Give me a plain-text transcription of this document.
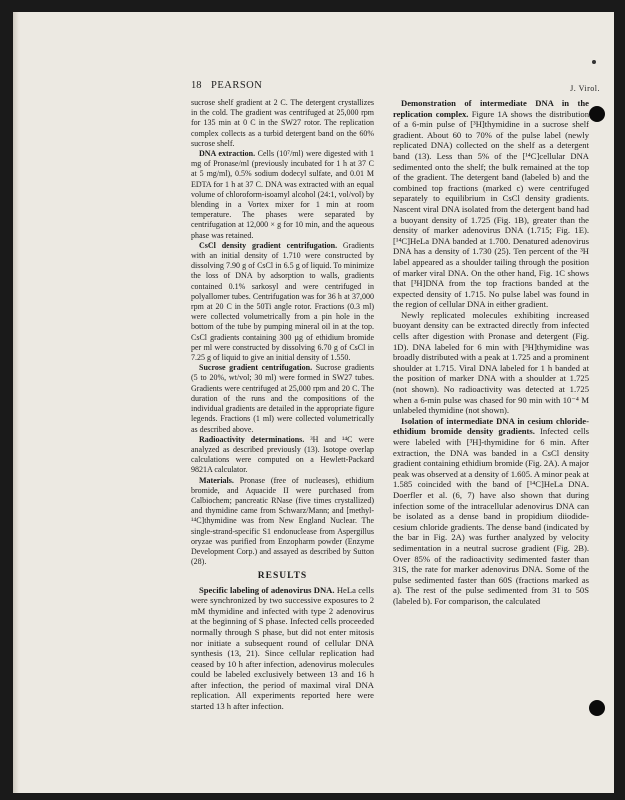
18 PEARSON	J. Virol.

sucrose shelf gradient at 2 C. The detergent crystallizes in the cold. The gradient was centrifuged at 25,000 rpm for 135 min at 0 C in the SW27 rotor. The replication complex collects as a turbid detergent band on the 60% sucrose shelf.

DNA extraction. Cells (10⁷/ml) were digested with 1 mg of Pronase/ml (previously incubated for 1 h at 37 C at 5 mg/ml), 0.5% sodium dodecyl sulfate, and 0.01 M EDTA for 1 h at 37 C. DNA was extracted with an equal volume of chloroform-isoamyl alcohol (24:1, vol/vol) by blending in a Vortex mixer for 1 min at room temperature. The phases were separated by centrifugation at 12,000 × g for 10 min, and the aqueous phase was retained.

CsCl density gradient centrifugation. Gradients with an initial density of 1.710 were constructed by dissolving 7.90 g of CsCl in 6.5 g of liquid. To minimize the loss of DNA by adsorption to walls, gradients contained 0.1% sarkosyl and were centrifuged in polyallomer tubes. Centrifugation was for 36 h at 37,000 rpm at 20 C in the 50Ti angle rotor. Fractions (0.3 ml) were collected volumetrically from a pin hole in the bottom of the tube by pumping mineral oil in at the top. CsCl gradients containing 300 µg of ethidium bromide per ml were constructed by dissolving 6.70 g of CsCl in 7.25 g of liquid to give an initial density of 1.550.

Sucrose gradient centrifugation. Sucrose gradients (5 to 20%, wt/vol; 30 ml) were formed in SW27 tubes. Gradients were centrifuged at 25,000 rpm and 20 C. The duration of the runs and the compositions of the individual gradients are detailed in the appropriate figure legends. Fractions (1 ml) were collected volumetrically as described above.

Radioactivity determinations. ³H and ¹⁴C were analyzed as described previously (13). Isotope overlap calculations were computed on a Hewlett-Packard 9821A calculator.

Materials. Pronase (free of nucleases), ethidium bromide, and Aquacide II were purchased from Calbiochem; pancreatic RNase (five times crystallized) and thymidine came from Schwarz/Mann; and [methyl-¹⁴C]thymidine was from New England Nuclear. The single-strand-specific S1 endonuclease from Aspergillus oryzae was purified from Enzopharm powder (Enzyme Development Corp.) and assayed as described by Sutton (28).

RESULTS

Specific labeling of adenovirus DNA. HeLa cells were synchronized by two successive exposures to 2 mM thymidine and infected with type 2 adenovirus at the beginning of S phase. Infected cells proceeded normally through S phase, but did not enter mitosis nor initiate a subsequent round of cellular DNA synthesis (13, 21). Since cellular replication had ceased by 10 h after infection, adenovirus molecules could be labeled exclusively between 13 and 16 h after infection, the period of maximal viral DNA replication. All experiments reported here were started 13 h after infection.

Demonstration of intermediate DNA in the replication complex. Figure 1A shows the distribution of a 6-min pulse of [³H]thymidine in a sucrose shelf gradient. About 60 to 70% of the pulse label (newly replicated DNA) collected on the shelf as a detergent band (13). Less than 5% of the [¹⁴C]cellular DNA sedimented onto the shelf; the bulk remained at the top of the gradient. The detergent band (labeled b) and the combined top fractions (marked c) were centrifuged separately to equilibrium in CsCl density gradients. Nascent viral DNA isolated from the detergent band had a buoyant density of 1.725 (Fig. 1B), greater than the density of marker adenovirus DNA (1.715; Fig. 1E). [¹⁴C]HeLa DNA banded at 1.700. Denatured adenovirus DNA has a density of 1.730 (25). Ten percent of the ³H label appeared as a shoulder tailing through the position of marker viral DNA. On the other hand, Fig. 1C shows that [³H]DNA from the top fractions banded at the expected density of 1.715. No pulse label was found in the region of cellular DNA in either gradient.

Newly replicated molecules exhibiting increased buoyant density can be extracted directly from infected cells after digestion with Pronase and detergent (Fig. 1D). DNA labeled for 6 min with [³H]thymidine was broadly distributed with a peak at 1.725 and a prominent shoulder at 1.715. Viral DNA labeled for 1 h banded at the position of marker DNA with a shoulder at 1.725 (not shown). No radioactivity was detected at 1.725 when a 6-min pulse was chased for 90 min with 10⁻⁴ M unlabeled thymidine (not shown).

Isolation of intermediate DNA in cesium chloride-ethidium bromide density gradients. Infected cells were labeled with [³H]-thymidine for 6 min. After extraction, the DNA was banded in a CsCl density gradient containing ethidium bromide (Fig. 2A). A major peak was observed at a density of 1.605. A minor peak at 1.585 coincided with the band of [¹⁴C]HeLa DNA. Doerfler et al. (6, 7) have also shown that during infection some of the intracellular adenovirus DNA can be isolated as a dense band in propidium diiodide-cesium chloride gradients. The dense band (indicated by the bar in Fig. 2A) was further analyzed by velocity sedimentation in a neutral sucrose gradient (Fig. 2B). Over 85% of the radioactivity sedimented faster than 31S, the rate for marker adenovirus DNA. Some of the pulse sedimented faster than 60S (fractions marked as a). The rest of the pulse sedimented from 31 to 50S (labeled b). For comparison, the calculated
